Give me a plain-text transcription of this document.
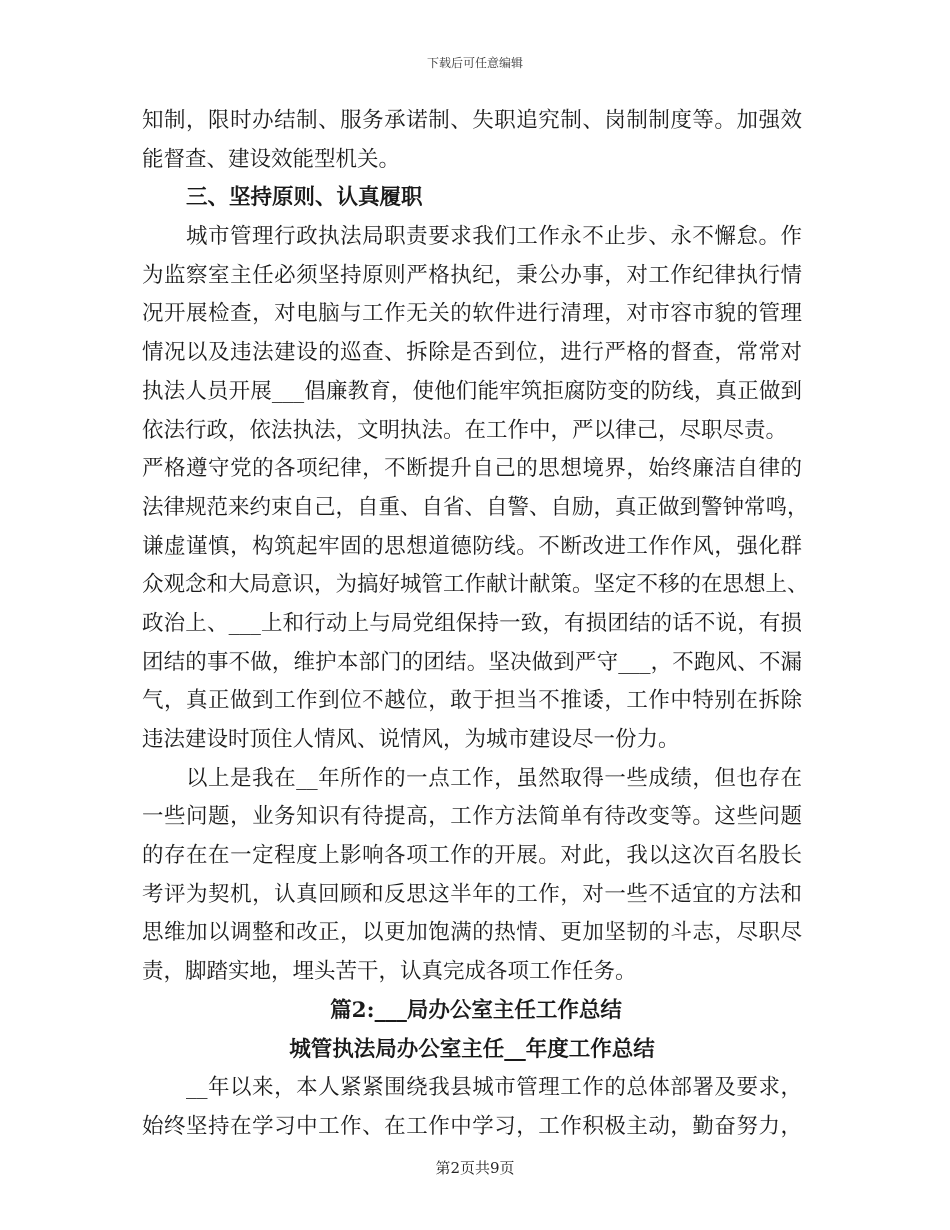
下载后可任意编辑
知制，限时办结制、服务承诺制、失职追究制、岗制制度等。加强效
能督查、建设效能型机关。
三、坚持原则、认真履职
城市管理行政执法局职责要求我们工作永不止步、永不懈怠。作
为监察室主任必须坚持原则严格执纪，秉公办事，对工作纪律执行情
况开展检查，对电脑与工作无关的软件进行清理，对市容市貌的管理
情况以及违法建设的巡查、拆除是否到位，进行严格的督查，常常对
执法人员开展___倡廉教育，使他们能牢筑拒腐防变的防线，真正做到
依法行政，依法执法，文明执法。在工作中，严以律己，尽职尽责。
严格遵守党的各项纪律，不断提升自己的思想境界，始终廉洁自律的
法律规范来约束自己，自重、自省、自警、自励，真正做到警钟常鸣，
谦虚谨慎，构筑起牢固的思想道德防线。不断改进工作作风，强化群
众观念和大局意识，为搞好城管工作献计献策。坚定不移的在思想上、
政治上、___上和行动上与局党组保持一致，有损团结的话不说，有损
团结的事不做，维护本部门的团结。坚决做到严守___，不跑风、不漏
气，真正做到工作到位不越位，敢于担当不推诿，工作中特别在拆除
违法建设时顶住人情风、说情风，为城市建设尽一份力。
以上是我在__年所作的一点工作，虽然取得一些成绩，但也存在
一些问题，业务知识有待提高，工作方法简单有待改变等。这些问题
的存在在一定程度上影响各项工作的开展。对此，我以这次百名股长
考评为契机，认真回顾和反思这半年的工作，对一些不适宜的方法和
思维加以调整和改正，以更加饱满的热情、更加坚韧的斗志，尽职尽
责，脚踏实地，埋头苦干，认真完成各项工作任务。
篇2:___局办公室主任工作总结
城管执法局办公室主任__年度工作总结
__年以来，本人紧紧围绕我县城市管理工作的总体部署及要求，
始终坚持在学习中工作、在工作中学习，工作积极主动，勤奋努力，
第2页共9页
